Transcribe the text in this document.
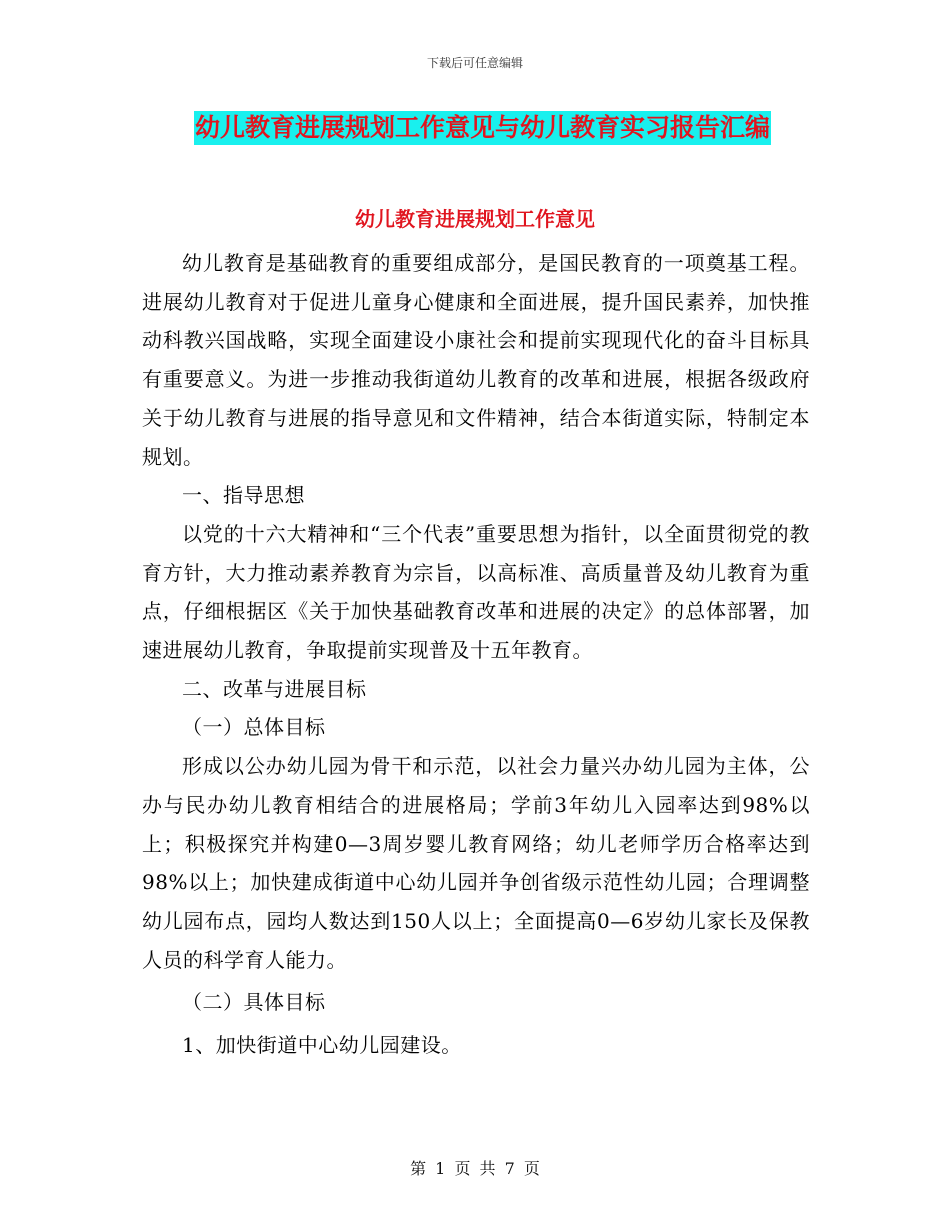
下载后可任意编辑
幼儿教育进展规划工作意见与幼儿教育实习报告汇编
幼儿教育进展规划工作意见

幼儿教育是基础教育的重要组成部分，是国民教育的一项奠基工程。进展幼儿教育对于促进儿童身心健康和全面进展，提升国民素养，加快推动科教兴国战略，实现全面建设小康社会和提前实现现代化的奋斗目标具有重要意义。为进一步推动我街道幼儿教育的改革和进展，根据各级政府关于幼儿教育与进展的指导意见和文件精神，结合本街道实际，特制定本规划。

一、指导思想

以党的十六大精神和“三个代表”重要思想为指针，以全面贯彻党的教育方针，大力推动素养教育为宗旨，以高标准、高质量普及幼儿教育为重点，仔细根据区《关于加快基础教育改革和进展的决定》的总体部署，加速进展幼儿教育，争取提前实现普及十五年教育。

二、改革与进展目标

（一）总体目标

形成以公办幼儿园为骨干和示范，以社会力量兴办幼儿园为主体，公办与民办幼儿教育相结合的进展格局；学前3年幼儿入园率达到98%以上；积极探究并构建0—3周岁婴儿教育网络；幼儿老师学历合格率达到98%以上；加快建成街道中心幼儿园并争创省级示范性幼儿园；合理调整幼儿园布点，园均人数达到150人以上；全面提高0—6岁幼儿家长及保教人员的科学育人能力。

（二）具体目标

1、加快街道中心幼儿园建设。

第 1 页 共 7 页
